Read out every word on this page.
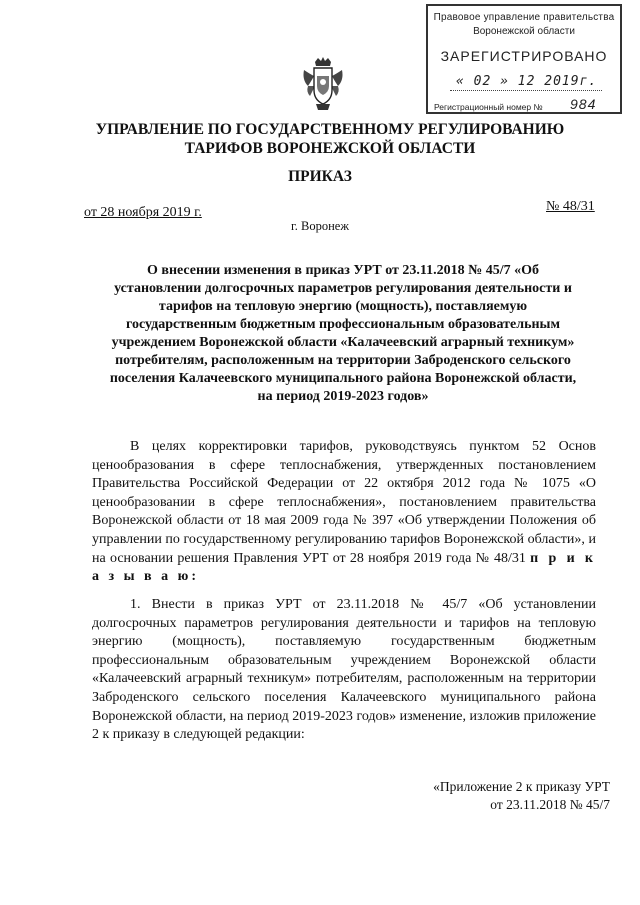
Правовое управление правительства
Воронежской области
ЗАРЕГИСТРИРОВАНО
« 02 » 12 2019г.
Регистрационный номер № 984
УПРАВЛЕНИЕ ПО ГОСУДАРСТВЕННОМУ РЕГУЛИРОВАНИЮ
ТАРИФОВ ВОРОНЕЖСКОЙ ОБЛАСТИ
ПРИКАЗ
от 28 ноября 2019 г.	№ 48/31
г. Воронеж
О внесении изменения в приказ УРТ от 23.11.2018 № 45/7 «Об
установлении долгосрочных параметров регулирования деятельности и
тарифов на тепловую энергию (мощность), поставляемую
государственным бюджетным профессиональным образовательным
учреждением Воронежской области «Калачеевский аграрный техникум»
потребителям, расположенным на территории Заброденского сельского
поселения Калачеевского муниципального района Воронежской области,
на период 2019-2023 годов»
В целях корректировки тарифов, руководствуясь пунктом 52 Основ ценообразования в сфере теплоснабжения, утвержденных постановлением Правительства Российской Федерации от 22 октября 2012 года № 1075 «О ценообразовании в сфере теплоснабжения», постановлением правительства Воронежской области от 18 мая 2009 года № 397 «Об утверждении Положения об управлении по государственному регулированию тарифов Воронежской области», и на основании решения Правления УРТ от 28 ноября 2019 года № 48/31 п р и к а з ы в а ю:
1. Внести в приказ УРТ от 23.11.2018 № 45/7 «Об установлении долгосрочных параметров регулирования деятельности и тарифов на тепловую энергию (мощность), поставляемую государственным бюджетным профессиональным образовательным учреждением Воронежской области «Калачеевский аграрный техникум» потребителям, расположенным на территории Заброденского сельского поселения Калачеевского муниципального района Воронежской области, на период 2019-2023 годов» изменение, изложив приложение 2 к приказу в следующей редакции:
«Приложение 2 к приказу УРТ
от 23.11.2018 № 45/7
